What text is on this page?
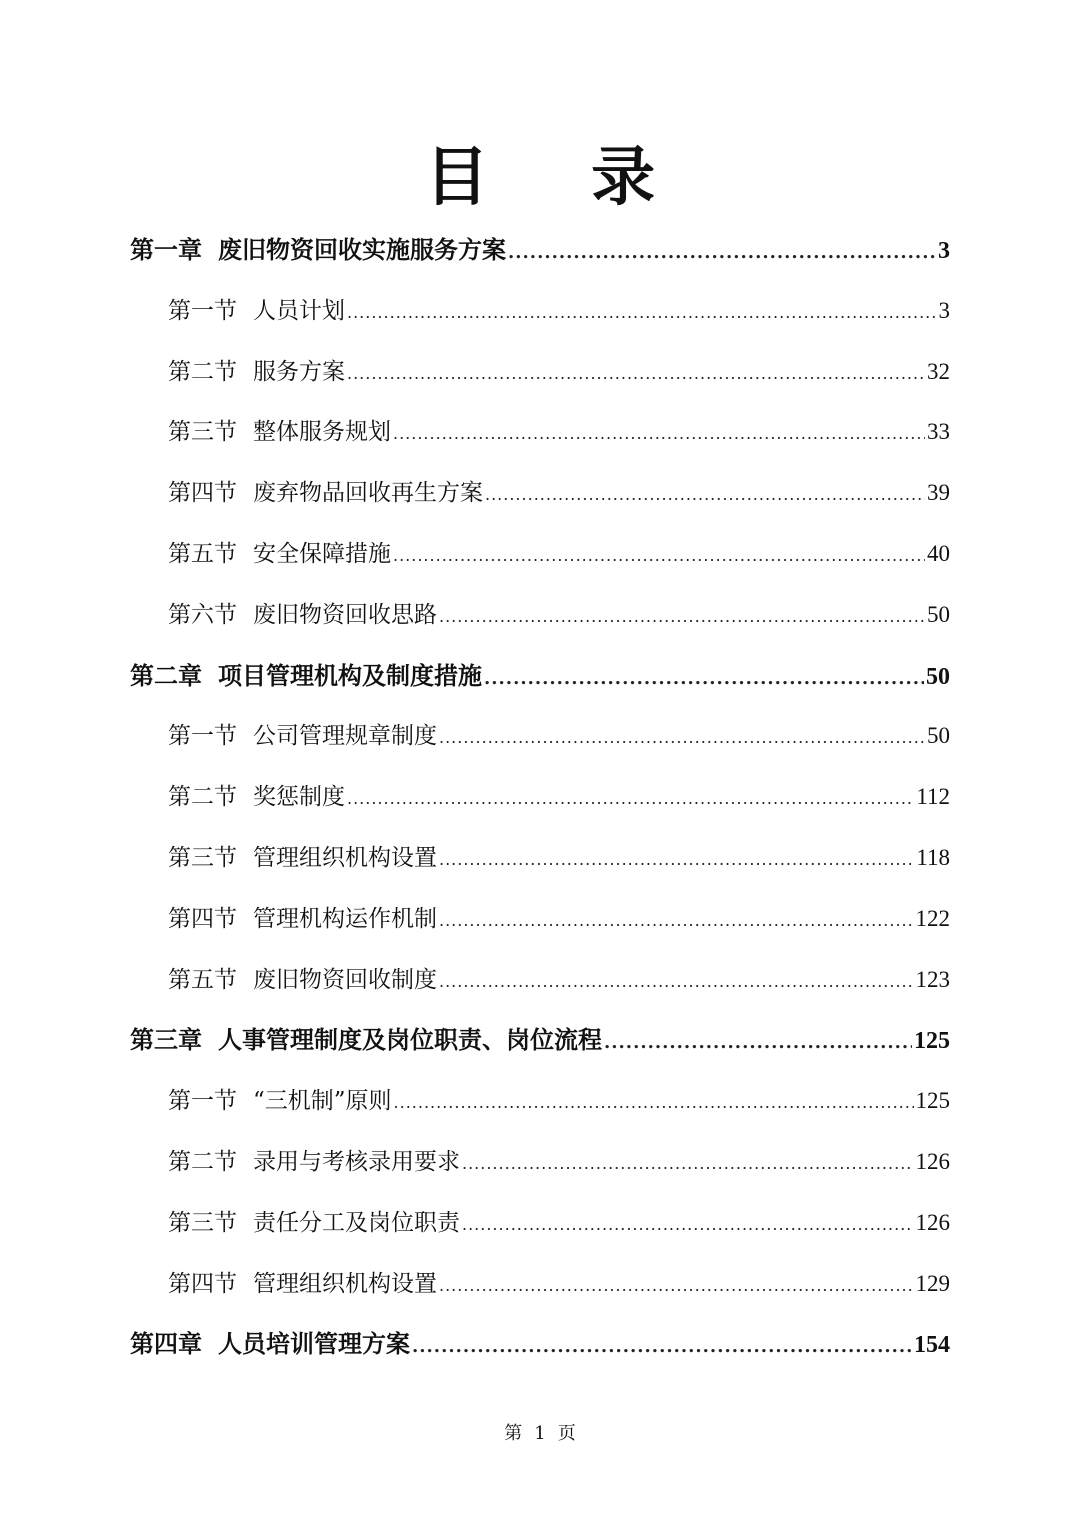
目 录
第一章 废旧物资回收实施服务方案 .....	3
第一节 人员计划 .....	3
第二节 服务方案 .....	32
第三节 整体服务规划 .....	33
第四节 废弃物品回收再生方案 .....	39
第五节 安全保障措施 .....	40
第六节 废旧物资回收思路 .....	50
第二章 项目管理机构及制度措施 .....	50
第一节 公司管理规章制度 .....	50
第二节 奖惩制度 .....	112
第三节 管理组织机构设置 .....	118
第四节 管理机构运作机制 .....	122
第五节 废旧物资回收制度 .....	123
第三章 人事管理制度及岗位职责、岗位流程 .....	125
第一节 “三机制”原则 .....	125
第二节 录用与考核录用要求 .....	126
第三节 责任分工及岗位职责 .....	126
第四节 管理组织机构设置 .....	129
第四章 人员培训管理方案 .....	154
第 1 页
